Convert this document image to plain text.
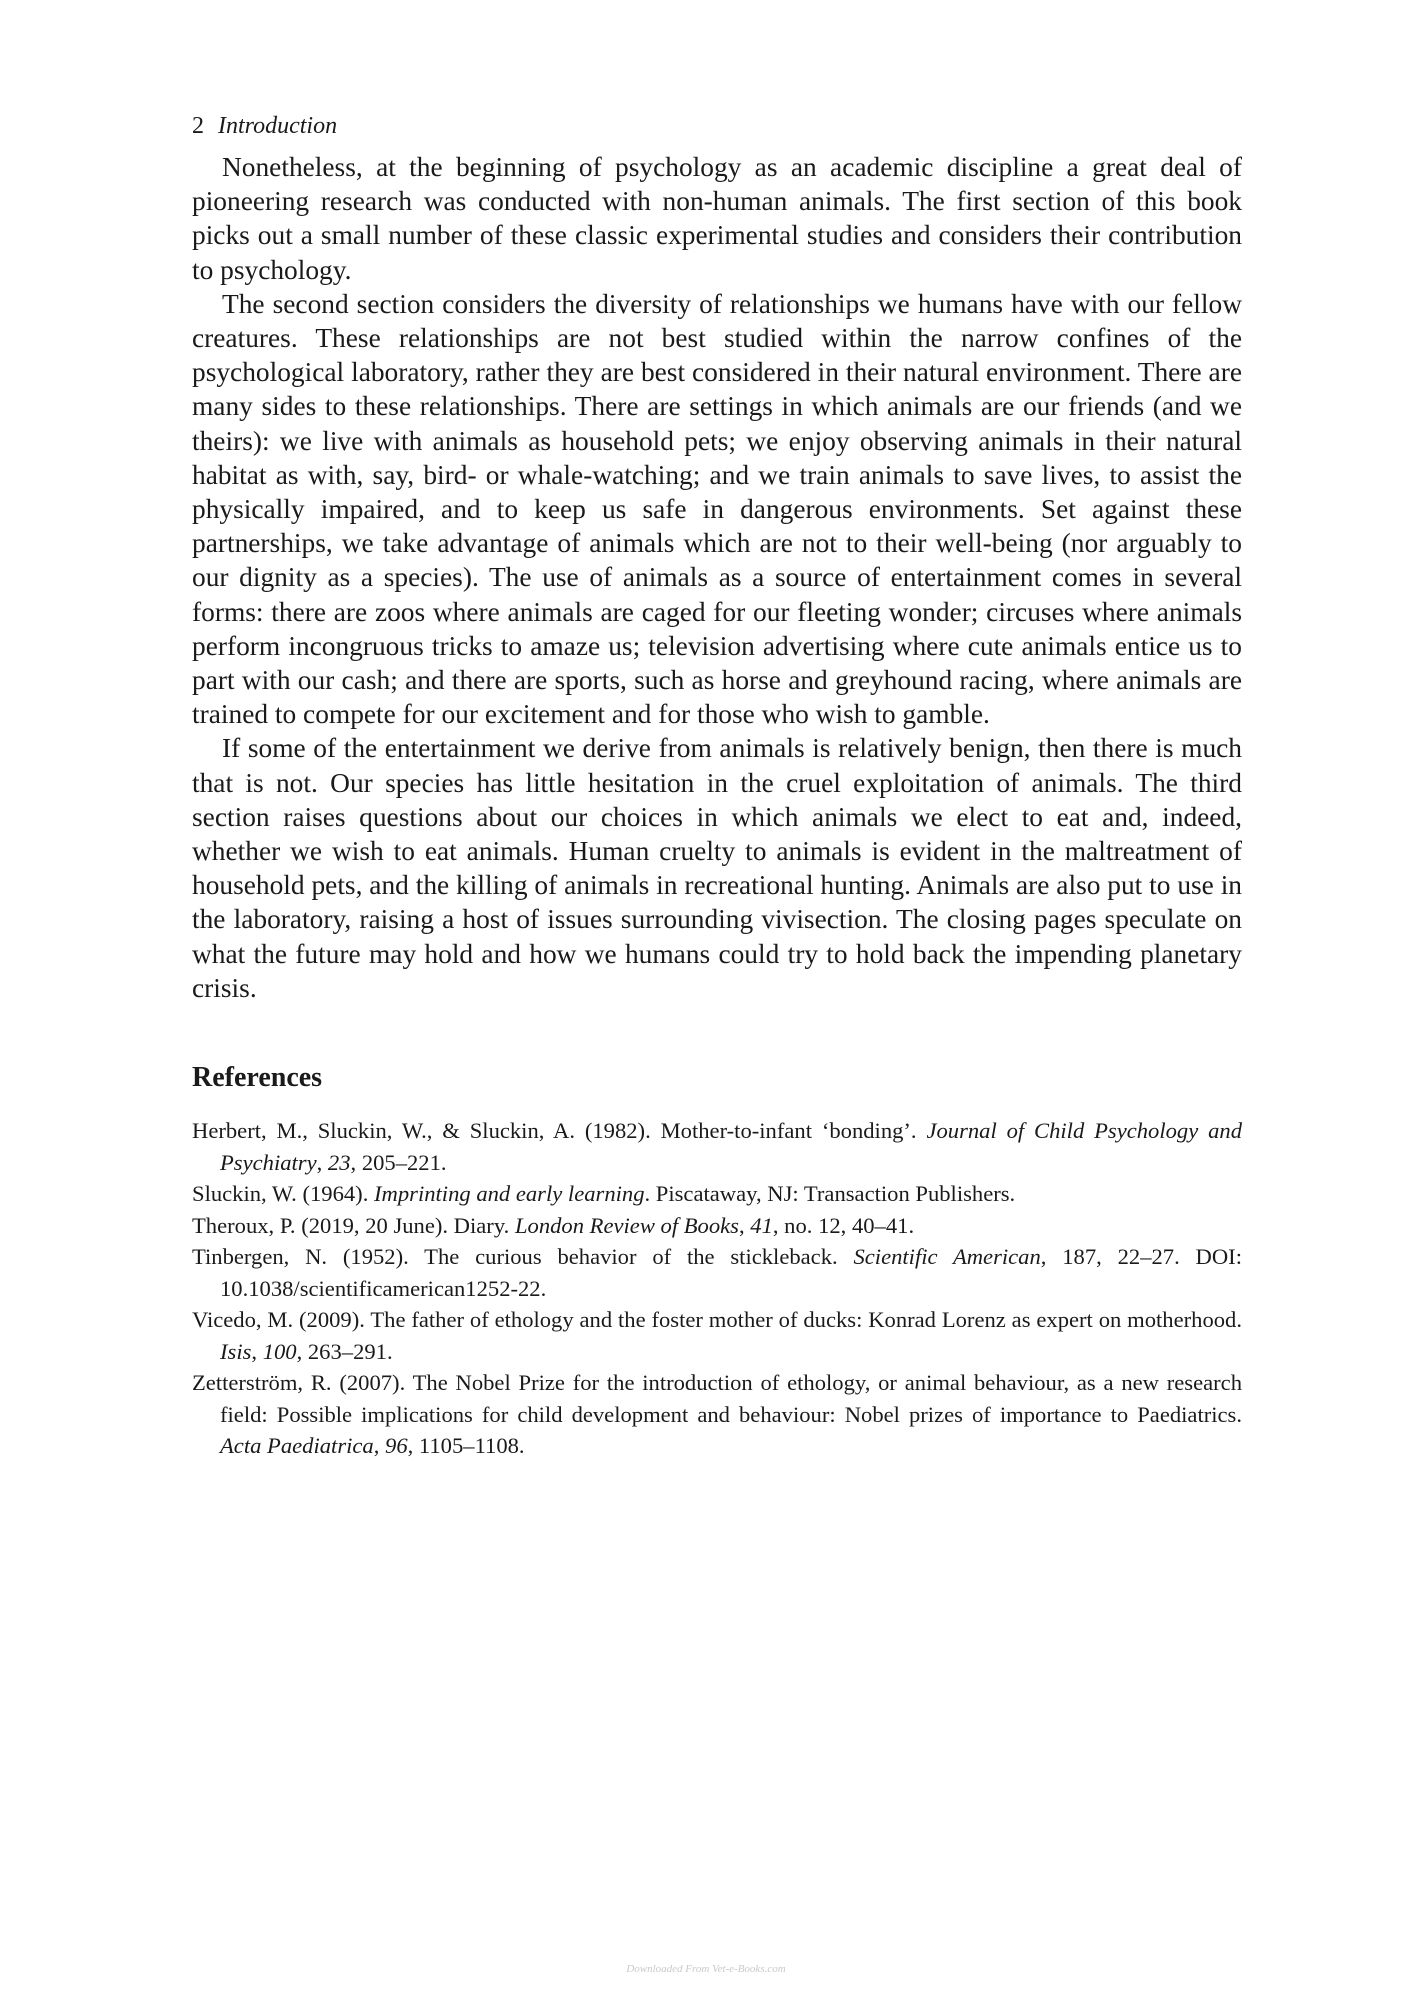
2 Introduction

Nonetheless, at the beginning of psychology as an academic discipline a great deal of pioneering research was conducted with non-human animals. The first section of this book picks out a small number of these classic experimental studies and considers their contribution to psychology.

The second section considers the diversity of relationships we humans have with our fellow creatures. These relationships are not best studied within the narrow confines of the psychological laboratory, rather they are best considered in their natural environment. There are many sides to these relationships. There are settings in which animals are our friends (and we theirs): we live with animals as household pets; we enjoy observing animals in their natural habitat as with, say, bird- or whale-watching; and we train animals to save lives, to assist the physically impaired, and to keep us safe in dangerous environments. Set against these partnerships, we take advantage of animals which are not to their well-being (nor arguably to our dignity as a species). The use of animals as a source of entertainment comes in several forms: there are zoos where animals are caged for our fleeting wonder; circuses where animals perform incongruous tricks to amaze us; television advertising where cute animals entice us to part with our cash; and there are sports, such as horse and greyhound racing, where animals are trained to compete for our excitement and for those who wish to gamble.

If some of the entertainment we derive from animals is relatively benign, then there is much that is not. Our species has little hesitation in the cruel exploitation of animals. The third section raises questions about our choices in which animals we elect to eat and, indeed, whether we wish to eat animals. Human cruelty to animals is evident in the maltreatment of household pets, and the killing of animals in recreational hunting. Animals are also put to use in the laboratory, raising a host of issues surrounding vivisection. The closing pages speculate on what the future may hold and how we humans could try to hold back the impending planetary crisis.

References
Herbert, M., Sluckin, W., & Sluckin, A. (1982). Mother-to-infant ‘bonding’. Journal of Child Psychology and Psychiatry, 23, 205–221.
Sluckin, W. (1964). Imprinting and early learning. Piscataway, NJ: Transaction Publishers.
Theroux, P. (2019, 20 June). Diary. London Review of Books, 41, no. 12, 40–41.
Tinbergen, N. (1952). The curious behavior of the stickleback. Scientific American, 187, 22–27. DOI: 10.1038/scientificamerican1252-22.
Vicedo, M. (2009). The father of ethology and the foster mother of ducks: Konrad Lorenz as expert on motherhood. Isis, 100, 263–291.
Zetterström, R. (2007). The Nobel Prize for the introduction of ethology, or animal behaviour, as a new research field: Possible implications for child development and behaviour: Nobel prizes of importance to Paediatrics. Acta Paediatrica, 96, 1105–1108.
Downloaded From Vet-e-Books.com
